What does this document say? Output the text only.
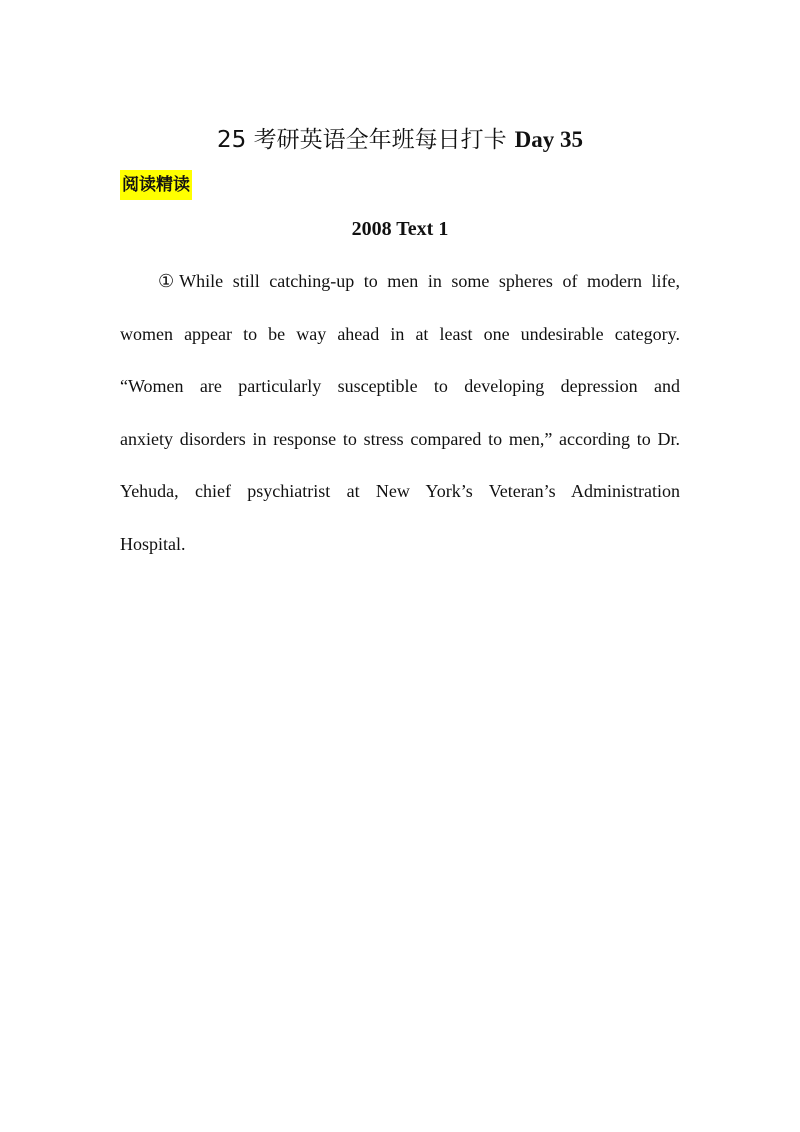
25 考研英语全年班每日打卡 Day 35
阅读精读
2008 Text 1
①While still catching-up to men in some spheres of modern life,
women appear to be way ahead in at least one undesirable category.
“Women are particularly susceptible to developing depression and
anxiety disorders in response to stress compared to men,” according to Dr.
Yehuda, chief psychiatrist at New York’s Veteran’s Administration
Hospital.
